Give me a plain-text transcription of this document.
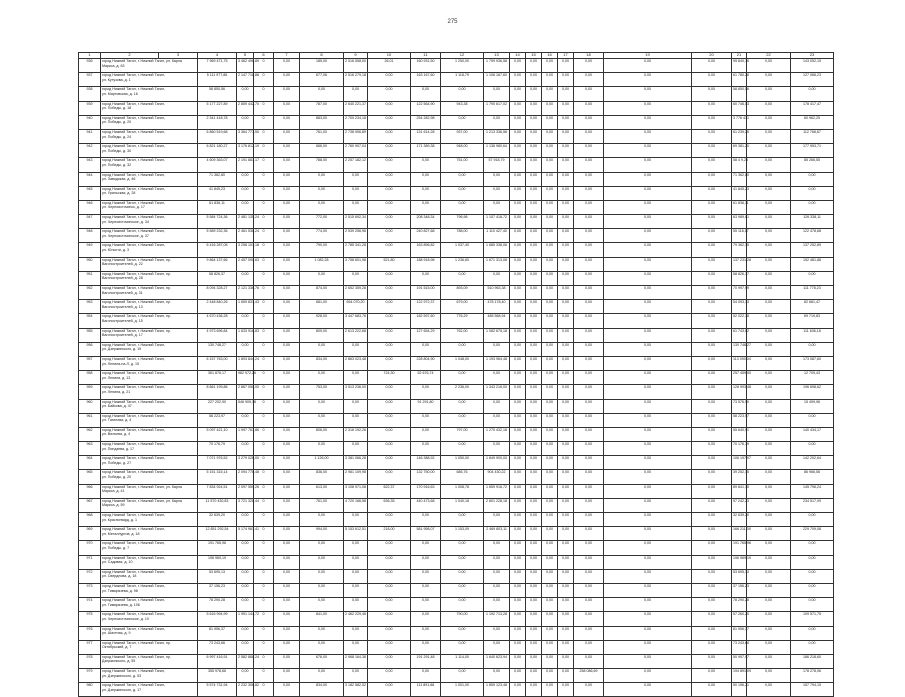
275
1	2	3	4	5	6	7	8	9	10	11	12	13	14	15	16	17	18	19	20	21	22	23
936	город Нижний Тагил, г. Нижний Тагил, ул. Карла
Маркса, д. 63		7 969 471,75	3 462 496,89	0	0,00	185,00	2 516 558,00	26,01	160 931,50	1 250,00	1 799 936,58	0,00	0,00	0,00	0,00	0,00	0,00	0,00	95 840,76	0,00	143 052,15
937	город Нижний Тагил, г. Нижний Тагил,
ул. Кутузова, д. 1		5 111 977,86	2 147 718,88	0	0,00	677,06	2 516 279,18	0,00	163 167,60	1 118,79	1 106 167,60	0,00	0,00	0,00	0,00	0,00	0,00	0,00	61 780,28	0,00	127 066,23
938	город Нижний Тагил, г. Нижний Тагил,
ул. Мартовская, д. 16		58 850,56	0,00	0	0,00	0,00	0,00	0,00	0,00	0,00	0,00	0,00	0,00	0,00	0,00	0,00	0,00	0,00	58 850,56	0,00	0,00
939	город Нижний Тагил, г. Нижний Тагил,
ул. Победы, д. 18		5 177 227,89	2 859 442,70	0	0,00	787,00	2 640 221,37	0,00	122 564,90	943,38	1 790 617,02	0,00	0,00	0,00	0,00	0,00	0,00	0,00	60 746,53	0,00	178 417,47
940	город Нижний Тагил, г. Нижний Тагил,
ул. Победы, д. 20		2 341 418,78	0,00	0	0,00	883,00	2 700 234,18	0,00	254 282,98	0,00	0,00	0,00	0,00	0,00	0,00	0,00	0,00	0,00	3 776 431	0,00	60 962,25
941	город Нижний Тагил, г. Нижний Тагил,
ул. Победы, д. 24		6 860 519,68	3 364 777,50	0	0,00	761,00	2 738 906,89	0,00	131 614,28	937,00	1 213 336,56	0,00	0,00	0,00	0,00	0,00	0,00	0,00	61 239,25	0,00	112 768,67
942	город Нижний Тагил, г. Нижний Тагил,
ул. Победы, д. 30		6 821 180,27	3 176 812,19	0	0,00	666,00	2 760 907,04	0,00	171 389,38	948,00	1 136 980,64	0,00	0,00	0,00	0,00	0,00	0,00	0,00	69 381,20	0,00	177 953,71
943	город Нижний Тагил, г. Нижний Тагил,
ул. Победы, д. 32		4 609 363,07	2 191 883,17	0	0,00	788,00	2 257 182,12	0,00	0,00	751,00	57 918,79	0,00	0,00	0,00	0,00	0,00	0,00	0,00	58 4 9,25	0,00	85 266,55
944	город Нижний Тагил, г. Нижний Тагил,
ул. Заводская, д. 46		71 362,80	0,00	0	0,00	0,00	0,00	0,00	0,00	0,00	0,00	0,00	0,00	0,00	0,00	0,00	0,00	0,00	71 362,80	0,00	0,00
945	город Нижний Тагил, г. Нижний Тагил,
ул. Уральская, д. 28		41 845,23	0,00	0	0,00	0,00	0,00	0,00	0,00	0,00	0,00	0,00	0,00	0,00	0,00	0,00	0,00	0,00	41 845,23	0,00	0,00
946	город Нижний Тагил, г. Нижний Тагил,
ул. Черноисточинск, д. 17		61 836,11	0,00	0	0,00	0,00	0,00	0,00	0,00	0,00	0,00	0,00	0,00	0,00	0,00	0,00	0,00	0,00	61 836,11	0,00	0,00
947	город Нижний Тагил, г. Нижний Тагил,
ул. Черноисточинское, д. 34		5 584 724,36	2 481 135,24	0	0,00	772,00	2 515 692,34	0,00	208 348,34	796,96	1 107 418,72	0,00	0,00	0,00	0,00	0,00	0,00	0,00	63 989,81	0,00	126 338,11
948	город Нижний Тагил, г. Нижний Тагил,
ул. Черноисточинское, д. 37		5 589 232,36	2 461 538,24	0	0,00	774,00	2 539 256,96	0,00	240 827,68	788,00	1 110 427,40	0,00	0,00	0,00	0,00	0,00	0,00	0,00	55 116,17	0,00	122 478,68
949	город Нижний Тагил, г. Нижний Тагил,
ул. Юности, д. 3		6 416 287,08	3 258 101,18	0	0,00	790,00	2 785 341,28	0,00	163 896,82	1 037,40	1 685 338,06	0,00	0,00	0,00	0,00	0,00	0,00	0,00	79 362,35	0,00	137 252,89
950	город Нижний Тагил, г. Нижний Тагил, пр.
Вагоностроителей, д. 22		9 864 137,66	2 457 090,63	0	0,00	1 082,28	3 758 601,98	521,80	188 918,98	1 236,60	1 671 313,08	0,00	0,00	0,00	0,00	0,00	0,00	0,00	137 231,28	0,00	152 481,88
951	город Нижний Тагил, г. Нижний Тагил, пр.
Вагоностроителей, д. 28		58 826,37	0,00	0	0,00	0,00	0,00	0,00	0,00	0,00	0,00	0,00	0,00	0,00	0,00	0,00	0,00	0,00	58 826,37	0,00	0,00
952	город Нижний Тагил, г. Нижний Тагил, пр.
Вагоностроителей, д. 31		8 094 328,27	2 121 336,76	0	0,00	874,00	2 652 359,28	0,00	191 515,00	893,09	510 963,38	0,00	0,00	0,00	0,00	0,00	0,00	0,00	70 997,99	0,00	111 778,23
953	город Нижний Тагил, г. Нижний Тагил, пр.
Вагоностроителей, д. 13		2 448 840,26	1 659 831,43	0	0,00	681,00	654 070,20	0,00	122 972,37	679,00	478 178,40	0,00	0,00	0,00	0,00	0,00	0,00	0,00	54 093,13	0,00	82 681,47
954	город Нижний Тагил, г. Нижний Тагил, пр.
Вагоностроителей, д. 15		4 670 436,28	0,00	0	0,00	928,00	3 447 683,76	0,00	182 597,60	776,29	485 568,94	0,00	0,00	0,00	0,00	0,00	0,00	0,00	52 022,78	0,00	69 719,83
955	город Нижний Тагил, г. Нижний Тагил, пр.
Вагоностроителей, д. 17		4 973 696,84	1 633 916,83	0	0,00	809,00	2 613 222,68	0,00	127 654,29	762,00	1 082 675,18	0,00	0,00	0,00	0,00	0,00	0,00	0,00	61 743,62	0,00	111 636,18
956	город Нижний Тагил, г. Нижний Тагил,
ул. Дзержинского, д. 19		130 748,27	0,00	0	0,00	0,00	0,00	0,00	0,00	0,00	0,00	0,00	0,00	0,00	0,00	0,00	0,00	0,00	130 748,27	0,00	0,00
957	город Нижний Тагил, г. Нижний Тагил,
ул. Ленина-на-Л, д. 15		6 157 763,00	1 893 844,24	0	0,00	834,00	2 863 023,48	0,00	228 804,90	1 048,00	1 193 964,48	0,00	0,00	0,00	0,00	0,00	0,00	0,00	113 090,04	0,00	173 087,60
958	город Нижний Тагил, г. Нижний Тагил,
ул. Ленина, д. 13		361 876,17	982 972,26	0	0,00	0,00	0,00	724,30	52 676,74	0,00	0,00	0,00	0,00	0,00	0,00	0,00	0,00	0,00	257 459,00	0,00	12 709,43
959	город Нижний Тагил, г. Нижний Тагил,
ул. Ленина, д. 21		8 861 199,86	2 867 050,00	0	0,00	753,00	3 513 236,00	0,00	0,00	2 236,00	1 343 216,00	0,00	0,00	0,00	0,00	0,00	0,00	0,00	128 993,48	0,00	196 698,62
960	город Нижний Тагил, г. Нижний Тагил,
ул. Байкова, д. 47		227 202,90	546 909,18	0	0,00	0,00	0,00	0,00	91 291,80	0,00	0,00	0,00	0,00	0,00	0,00	0,00	0,00	0,00	73 576,90	0,00	15 499,96
961	город Нижний Тагил, г. Нижний Тагил,
ул. Тагилова, д. 4		58 223,97	0,00	0	0,00	0,00	0,00	0,00	0,00	0,00	0,00	0,00	0,00	0,00	0,00	0,00	0,00	0,00	58 223,97	0,00	0,00
962	город Нижний Тагил, г. Нижний Тагил,
ул. Вильева, д. 4		5 097 421,10	1 997 767,86	0	0,00	806,00	2 316 192,26	0,00	0,00	797,00	1 270 432,18	0,00	0,00	0,00	0,00	0,00	0,00	0,00	55 640,91	0,00	140 434,17
963	город Нижний Тагил, г. Нижний Тагил,
ул. Пиндзева, д. 17		70 176,79	0,00	0	0,00	0,00	0,00	0,00	0,00	0,00	0,00	0,00	0,00	0,00	0,00	0,00	0,00	0,00	70 176,79	0,00	0,00
964	город Нижний Тагил, г. Нижний Тагил,
ул. Победы, д. 27		7 071 976,52	3 279 026,00	0	0,00	1 126,00	3 381 066,28	0,00	146 388,92	1 050,00	1 849 900,00	0,00	0,00	0,00	0,00	0,00	0,00	0,00	106 197,07	0,00	142 202,64
965	город Нижний Тагил, г. Нижний Тагил,
ул. Победы, д. 20		5 151 315,14	2 094 778,48	0	0,00	836,00	2 981 109,98	0,00	132 750,00	685,76	904 430,22	0,00	0,00	0,00	0,00	0,00	0,00	0,00	39 252,15	0,00	86 966,56
966	город Нижний Тагил, г. Нижний Тагил, ул. Карла
Маркса, д. 41		7 834 924,51	2 097 559,26	0	0,00	613,00	3 108 971,08	622,37	170 916,63	1 008,78	1 659 916,72	0,00	0,00	0,00	0,00	0,00	0,00	0,00	89 841,15	0,00	145 796,24
967	город Нижний Тагил, г. Нижний Тагил, ул. Карла
Маркса, д. 59		11 570 430,83	3 721 328,44	0	0,00	761,00	4 720 166,58	636,35	440 473,68	1 040,18	2 801 228,18	0,00	0,00	0,00	0,00	0,00	0,00	0,00	97 242,23	0,00	234 517,09
968	город Нижний Тагил, г. Нижний Тагил,
ул. Красногвард, д. 1		32 639,20	0,00	0	0,00	0,00	0,00	0,00	0,00	0,00	0,00	0,00	0,00	0,00	0,00	0,00	0,00	0,00	32 639,20	0,00	0,00
969	город Нижний Тагил, г. Нижний Тагил,
ул. Металлургов, д. 18		12 851 292,54	5 174 961,41	0	0,00	994,00	5 153 612,51	218,00	581 958,07	1 153,09	2 469 803,11	0,00	0,00	0,00	0,00	0,00	0,00	0,00	166 211,39	0,00	229 709,08
970	город Нижний Тагил, г. Нижний Тагил,
ул. Победы, д. 7		191 765,96	0,00	0	0,00	0,00	0,00	0,00	0,00	0,00	0,00	0,00	0,00	0,00	0,00	0,00	0,00	0,00	191 765,96	0,00	0,00
971	город Нижний Тагил, г. Нижний Тагил,
ул. Садовая, д. 10		196 969,19	0,00	0	0,00	0,00	0,00	0,00	0,00	0,00	0,00	0,00	0,00	0,00	0,00	0,00	0,00	0,00	196 969,19	0,00	0,00
972	город Нижний Тагил, г. Нижний Тагил,
ул. Свердлова, д. 18		53 695,13	0,00	0	0,00	0,00	0,00	0,00	0,00	0,00	0,00	0,00	0,00	0,00	0,00	0,00	0,00	0,00	53 695,13	0,00	0,00
973	город Нижний Тагил, г. Нижний Тагил,
ул. Тимирязева, д. 98		37 156,23	0,00	0	0,00	0,00	0,00	0,00	0,00	0,00	0,00	0,00	0,00	0,00	0,00	0,00	0,00	0,00	37 156,23	0,00	0,00
974	город Нижний Тагил, г. Нижний Тагил,
ул. Тимирязева, д. 106		78 290,28	0,00	0	0,00	0,00	0,00	0,00	0,00	0,00	0,00	0,00	0,00	0,00	0,00	0,00	0,00	0,00	78 290,28	0,00	0,00
975	город Нижний Тагил, г. Нижний Тагил,
ул. Черноисточинское, д. 10		5 616 994,99	1 991 144,72	0	0,00	841,00	2 462 229,46	0,00	0,00	790,00	1 192 713,28	0,00	0,00	0,00	0,00	0,00	0,00	0,00	57 260,20	0,00	109 571,75
976	город Нижний Тагил, г. Нижний Тагил,
ул. Шахтная, д. 9		81 956,37	0,00	0	0,00	0,00	0,00	0,00	0,00	0,00	0,00	0,00	0,00	0,00	0,00	0,00	0,00	0,00	81 956,37	0,00	0,00
977	город Нижний Тагил, г. Нижний Тагил, пр.
Октябрьский, д. 7		73 243,66	0,00	0	0,00	0,00	0,00	0,00	0,00	0,00	0,00	0,00	0,00	0,00	0,00	0,00	0,00	0,00	73 243,66	0,00	0,00
978	город Нижний Тагил, г. Нижний Тагил, пр.
Дзержинского, д. 55		6 997 416,91	2 582 868,24	0	0,00	676,00	2 968 164,38	0,00	191 291,48	1 114,00	1 640 623,94	0,00	0,00	0,00	0,00	0,00	0,00	0,00	50 997,97	0,00	186 218,60
979	город Нижний Тагил, г. Нижний Тагил,
ул. Дзержинского, д. 53		355 978,66	0,00	0	0,00	0,00	0,00	0,00	0,00	0,00	0,00	0,00	0,00	0,00	0,00	258 086,69	0,00	0,00	194 891,09	0,00	178 278,06
980	город Нижний Тагил, г. Нижний Тагил,
ул. Дзержинского, д. 17		5 574 731,94	2 232 306,82	0	0,00	834,00	3 182 582,52	0,00	111 891,68	1 001,00	1 859 123,48	0,00	0,00	0,00	0,00	0,00	0,00	0,00	50 196,21	0,00	157 794,15
